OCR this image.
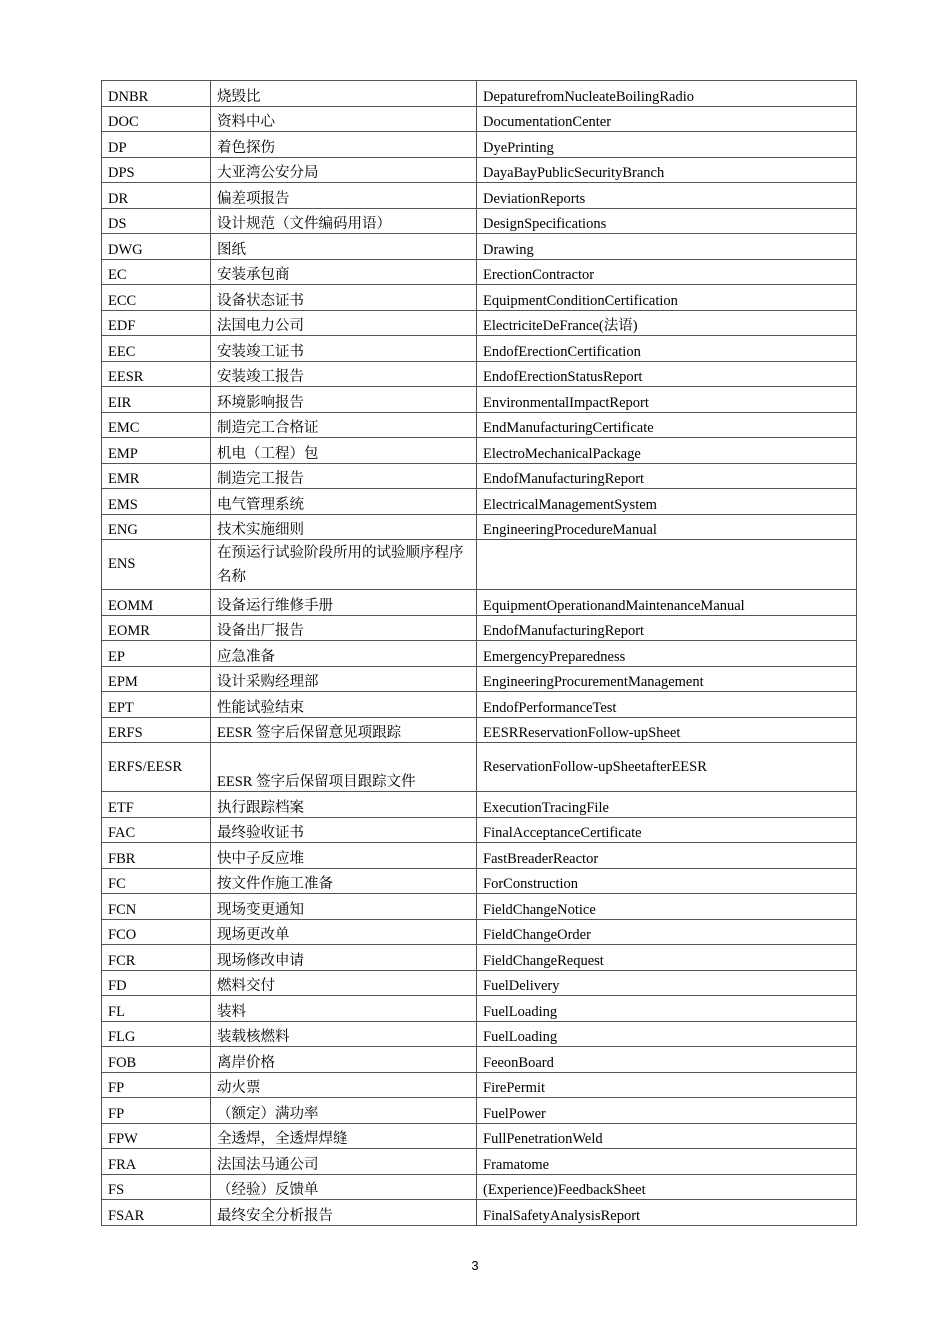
DNBR	烧毁比	DepaturefromNucleateBoilingRadio
DOC	资料中心	DocumentationCenter
DP	着色探伤	DyePrinting
DPS	大亚湾公安分局	DayaBayPublicSecurityBranch
DR	偏差项报告	DeviationReports
DS	设计规范（文件编码用语）	DesignSpecifications
DWG	图纸	Drawing
EC	安装承包商	ErectionContractor
ECC	设备状态证书	EquipmentConditionCertification
EDF	法国电力公司	ElectriciteDeFrance(法语)
EEC	安装竣工证书	EndofErectionCertification
EESR	安装竣工报告	EndofErectionStatusReport
EIR	环境影响报告	EnvironmentalImpactReport
EMC	制造完工合格证	EndManufacturingCertificate
EMP	机电（工程）包	ElectroMechanicalPackage
EMR	制造完工报告	EndofManufacturingReport
EMS	电气管理系统	ElectricalManagementSystem
ENG	技术实施细则	EngineeringProcedureManual
ENS	在预运行试验阶段所用的试验顺序程序名称	
EOMM	设备运行维修手册	EquipmentOperationandMaintenanceManual
EOMR	设备出厂报告	EndofManufacturingReport
EP	应急准备	EmergencyPreparedness
EPM	设计采购经理部	EngineeringProcurementManagement
EPT	性能试验结束	EndofPerformanceTest
ERFS	EESR 签字后保留意见项跟踪	EESRReservationFollow-upSheet
ERFS/EESR	EESR 签字后保留项目跟踪文件	ReservationFollow-upSheetafterEESR
ETF	执行跟踪档案	ExecutionTracingFile
FAC	最终验收证书	FinalAcceptanceCertificate
FBR	快中子反应堆	FastBreaderReactor
FC	按文件作施工准备	ForConstruction
FCN	现场变更通知	FieldChangeNotice
FCO	现场更改单	FieldChangeOrder
FCR	现场修改申请	FieldChangeRequest
FD	燃料交付	FuelDelivery
FL	装料	FuelLoading
FLG	装载核燃料	FuelLoading
FOB	离岸价格	FeeonBoard
FP	动火票	FirePermit
FP	（额定）满功率	FuelPower
FPW	全透焊，全透焊焊缝	FullPenetrationWeld
FRA	法国法马通公司	Framatome
FS	（经验）反馈单	(Experience)FeedbackSheet
FSAR	最终安全分析报告	FinalSafetyAnalysisReport
3
